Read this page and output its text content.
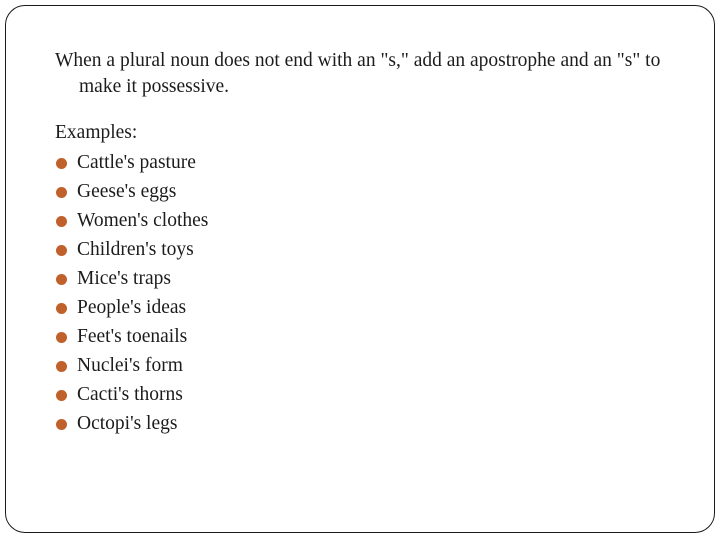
When a plural noun does not end with an "s," add an apostrophe and an "s" to make it possessive.

Examples:
Cattle's pasture
Geese's eggs
Women's clothes
Children's toys
Mice's traps
People's ideas
Feet's toenails
Nuclei's form
Cacti's thorns
Octopi's legs
